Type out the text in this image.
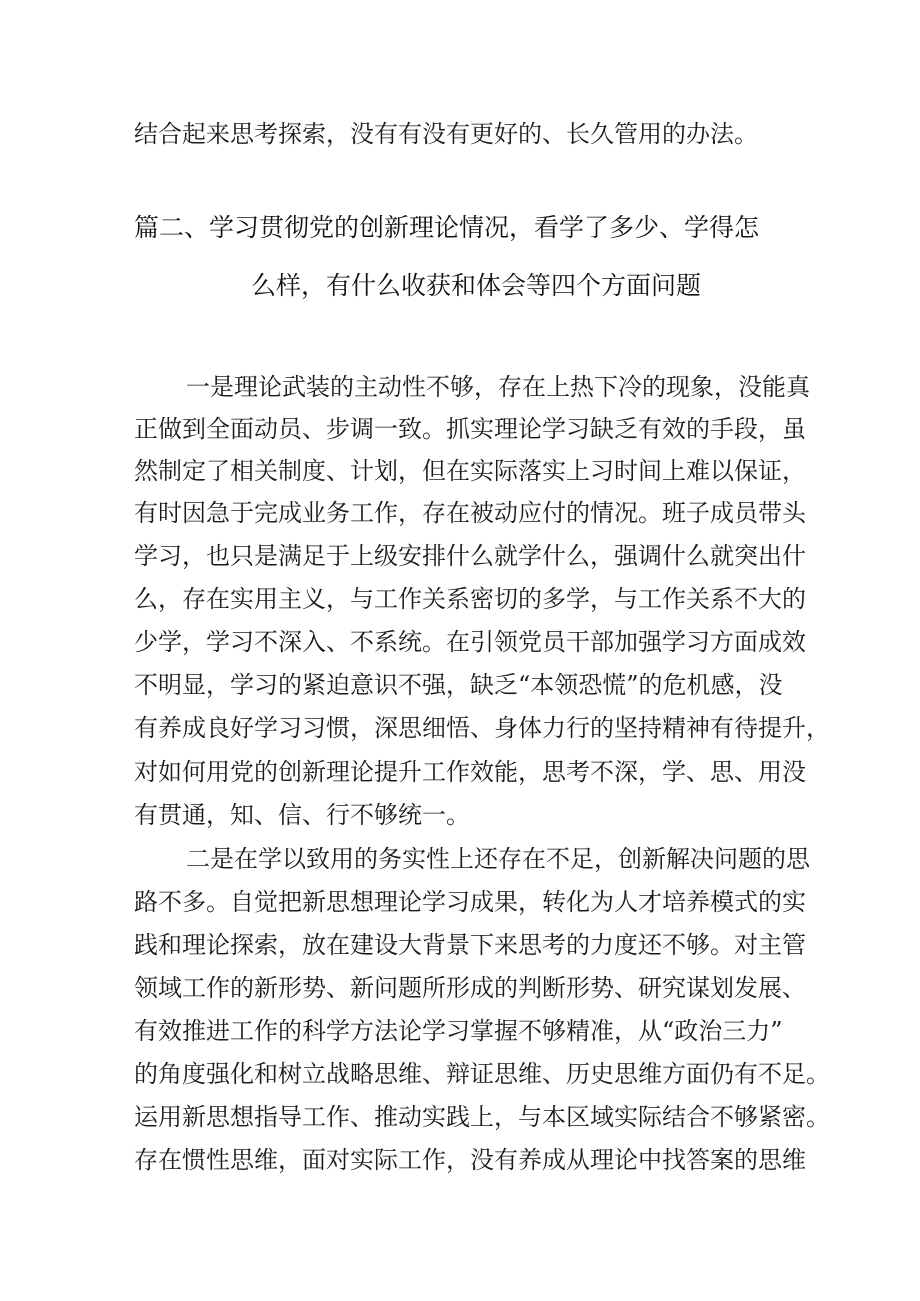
结合起来思考探索，没有有没有更好的、长久管用的办法。
篇二、学习贯彻党的创新理论情况，看学了多少、学得怎
么样，有什么收获和体会等四个方面问题
一是理论武装的主动性不够，存在上热下冷的现象，没能真
正做到全面动员、步调一致。抓实理论学习缺乏有效的手段，虽
然制定了相关制度、计划，但在实际落实上习时间上难以保证，
有时因急于完成业务工作，存在被动应付的情况。班子成员带头
学习，也只是满足于上级安排什么就学什么，强调什么就突出什
么，存在实用主义，与工作关系密切的多学，与工作关系不大的
少学，学习不深入、不系统。在引领党员干部加强学习方面成效
不明显，学习的紧迫意识不强，缺乏“本领恐慌”的危机感，没
有养成良好学习习惯，深思细悟、身体力行的坚持精神有待提升，
对如何用党的创新理论提升工作效能，思考不深，学、思、用没
有贯通，知、信、行不够统一。
二是在学以致用的务实性上还存在不足，创新解决问题的思
路不多。自觉把新思想理论学习成果，转化为人才培养模式的实
践和理论探索，放在建设大背景下来思考的力度还不够。对主管
领域工作的新形势、新问题所形成的判断形势、研究谋划发展、
有效推进工作的科学方法论学习掌握不够精准，从“政治三力”
的角度强化和树立战略思维、辩证思维、历史思维方面仍有不足。
运用新思想指导工作、推动实践上，与本区域实际结合不够紧密。
存在惯性思维，面对实际工作，没有养成从理论中找答案的思维
